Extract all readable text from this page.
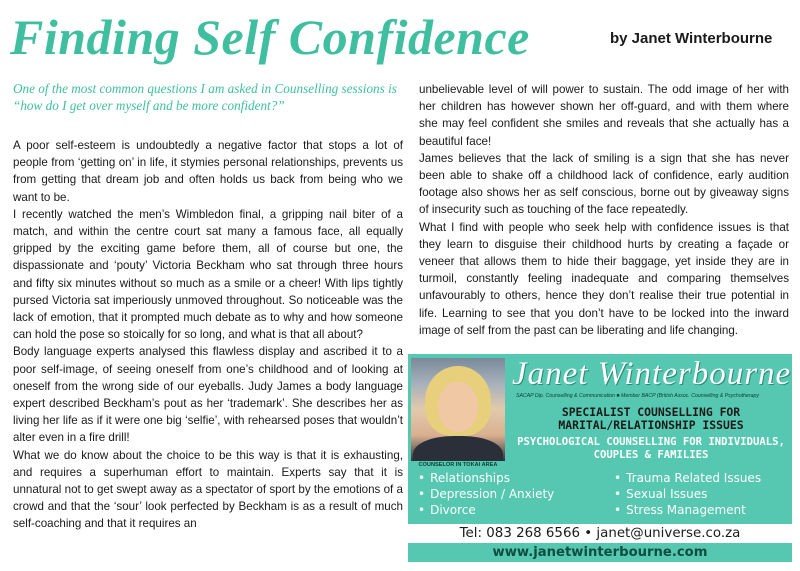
Finding Self Confidence	by Janet Winterbourne

One of the most common questions I am asked in Counselling sessions is “how do I get over myself and be more confident?”

A poor self-esteem is undoubtedly a negative factor that stops a lot of people from ‘getting on’ in life, it stymies personal relationships, prevents us from getting that dream job and often holds us back from being who we want to be.

I recently watched the men’s Wimbledon final, a gripping nail biter of a match, and within the centre court sat many a famous face, all equally gripped by the exciting game before them, all of course but one, the dispassionate and ‘pouty’ Victoria Beckham who sat through three hours and fifty six minutes without so much as a smile or a cheer! With lips tightly pursed Victoria sat imperiously unmoved throughout. So noticeable was the lack of emotion, that it prompted much debate as to why and how someone can hold the pose so stoically for so long, and what is that all about?

Body language experts analysed this flawless display and ascribed it to a poor self-image, of seeing oneself from one’s childhood and of looking at oneself from the wrong side of our eyeballs. Judy James a body language expert described Beckham’s pout as her ‘trademark’. She describes her as living her life as if it were one big ‘selfie’, with rehearsed poses that wouldn’t alter even in a fire drill!

What we do know about the choice to be this way is that it is exhausting, and requires a superhuman effort to maintain. Experts say that it is unnatural not to get swept away as a spectator of sport by the emotions of a crowd and that the ‘sour’ look perfected by Beckham is as a result of much self-coaching and that it requires an

unbelievable level of will power to sustain. The odd image of her with her children has however shown her off-guard, and with them where she may feel confident she smiles and reveals that she actually has a beautiful face!

James believes that the lack of smiling is a sign that she has never been able to shake off a childhood lack of confidence, early audition footage also shows her as self conscious, borne out by giveaway signs of insecurity such as touching of the face repeatedly.

What I find with people who seek help with confidence issues is that they learn to disguise their childhood hurts by creating a façade or veneer that allows them to hide their baggage, yet inside they are in turmoil, constantly feeling inadequate and comparing themselves unfavourably to others, hence they don’t realise their true potential in life. Learning to see that you don’t have to be locked into the inward image of self from the past can be liberating and life changing.

COUNSELOR IN TOKAI AREA
Janet Winterbourne
SACAP Dip. Counselling & Communication ■ Member BACP (British Assoc. Counselling & Psychotherapy
SPECIALIST COUNSELLING FOR MARITAL/RELATIONSHIP ISSUES
PSYCHOLOGICAL COUNSELLING FOR INDIVIDUALS, COUPLES & FAMILIES
• Relationships
• Depression / Anxiety
• Divorce
• Trauma Related Issues
• Sexual Issues
• Stress Management
Tel: 083 268 6566 • janet@universe.co.za
www.janetwinterbourne.com
